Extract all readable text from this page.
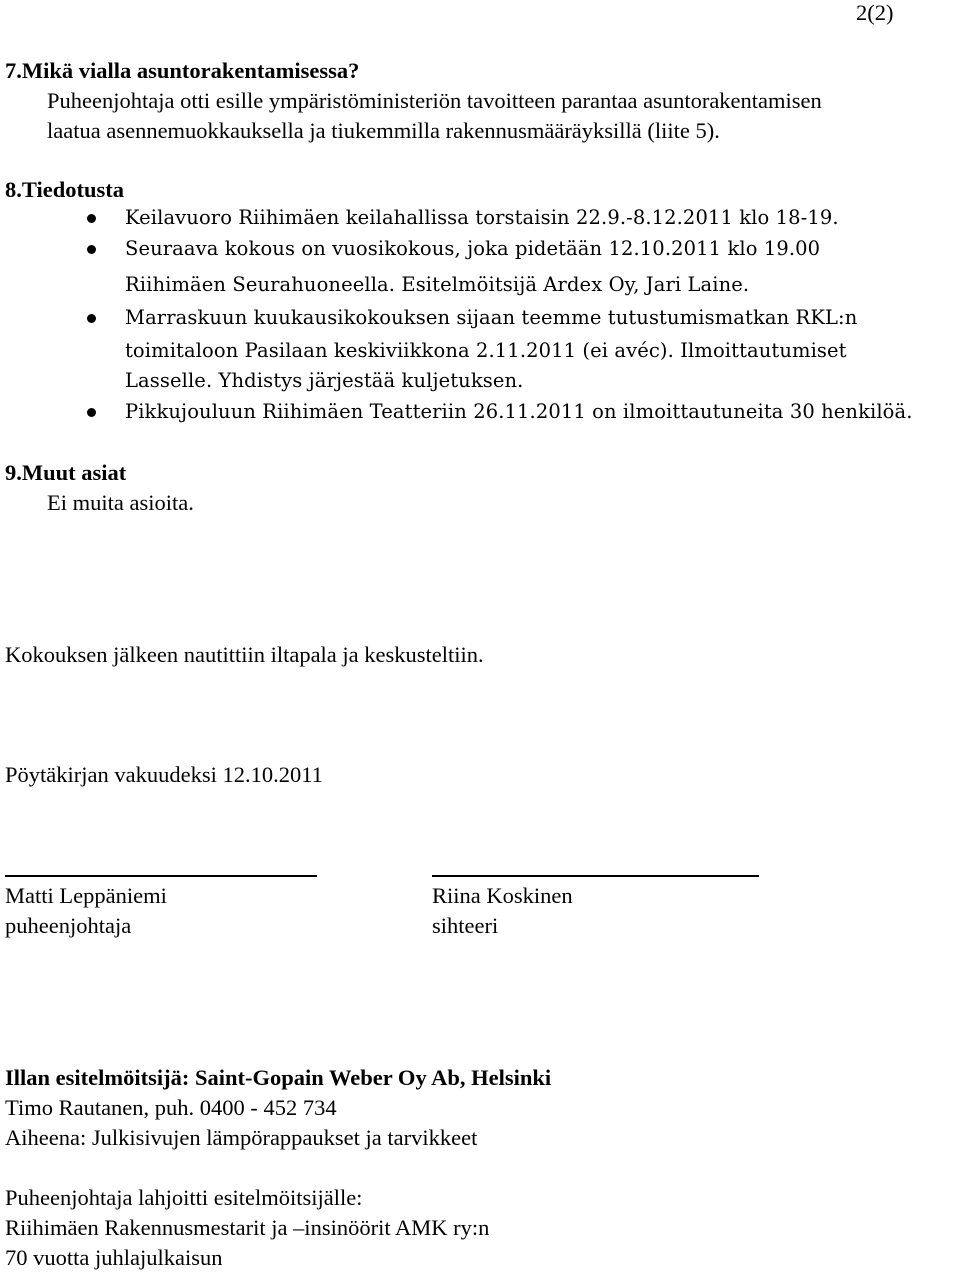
2(2)
7.Mikä vialla asuntorakentamisessa?
Puheenjohtaja otti esille ympäristöministeriön tavoitteen parantaa asuntorakentamisen
laatua asennemuokkauksella ja tiukemmilla rakennusmääräyksillä (liite 5).
8.Tiedotusta
Keilavuoro Riihimäen keilahallissa torstaisin 22.9.-8.12.2011 klo 18-19.
Seuraava kokous on vuosikokous, joka pidetään 12.10.2011 klo 19.00
Riihimäen Seurahuoneella. Esitelmöitsijä Ardex Oy, Jari Laine.
Marraskuun kuukausikokouksen sijaan teemme tutustumismatkan RKL:n
toimitaloon Pasilaan keskiviikkona 2.11.2011 (ei avéc). Ilmoittautumiset
Lasselle. Yhdistys järjestää kuljetuksen.
Pikkujouluun Riihimäen Teatteriin 26.11.2011 on ilmoittautuneita 30 henkilöä.
9.Muut asiat
Ei muita asioita.
Kokouksen jälkeen nautittiin iltapala ja keskusteltiin.
Pöytäkirjan vakuudeksi 12.10.2011
Matti Leppäniemi
puheenjohtaja
Riina Koskinen
sihteeri
Illan esitelmöitsijä: Saint-Gopain Weber Oy Ab, Helsinki
Timo Rautanen, puh. 0400 - 452 734
Aiheena: Julkisivujen lämpörappaukset ja tarvikkeet
Puheenjohtaja lahjoitti esitelmöitsijälle:
Riihimäen Rakennusmestarit ja –insinöörit AMK ry:n
70 vuotta juhlajulkaisun
